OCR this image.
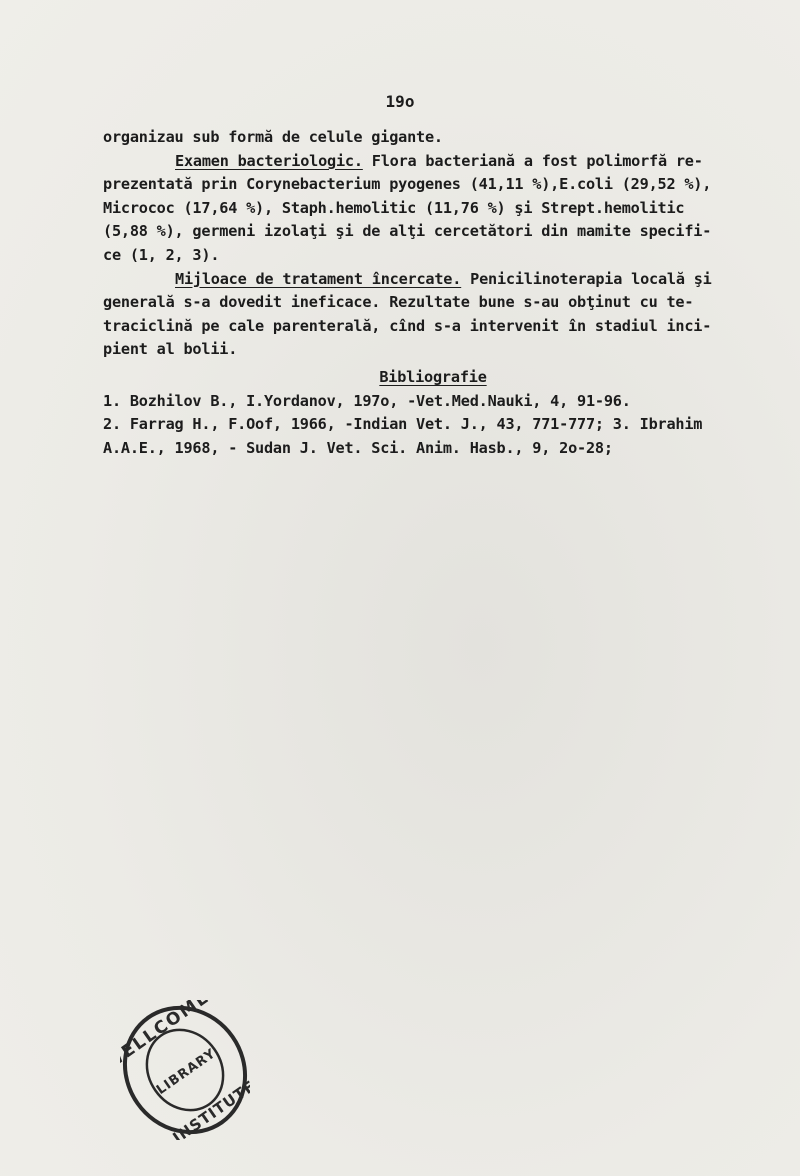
19o

organizau sub formă de celule gigante.

Examen bacteriologic. Flora bacteriană a fost polimorfă re-

prezentată prin Corynebacterium pyogenes (41,11 %),E.coli (29,52 %),

Micrococ (17,64 %), Staph.hemolitic (11,76 %) şi Strept.hemolitic

(5,88 %), germeni izolaţi şi de alţi cercetători din mamite specifi-

ce (1, 2, 3).

Mijloace de tratament încercate. Penicilinoterapia locală şi

generală s-a dovedit ineficace. Rezultate bune s-au obţinut cu te-

traciclină pe cale parenterală, cînd s-a intervenit în stadiul inci-

pient al bolii.

Bibliografie

1. Bozhilov B., I.Yordanov, 197o, -Vet.Med.Nauki, 4, 91-96.

2. Farrag H., F.Oof, 1966, -Indian Vet. J., 43, 771-777; 3. Ibrahim

A.A.E., 1968, - Sudan J. Vet. Sci. Anim. Hasb., 9, 2o-28;

WELLCOME
INSTITUTE
LIBRARY
